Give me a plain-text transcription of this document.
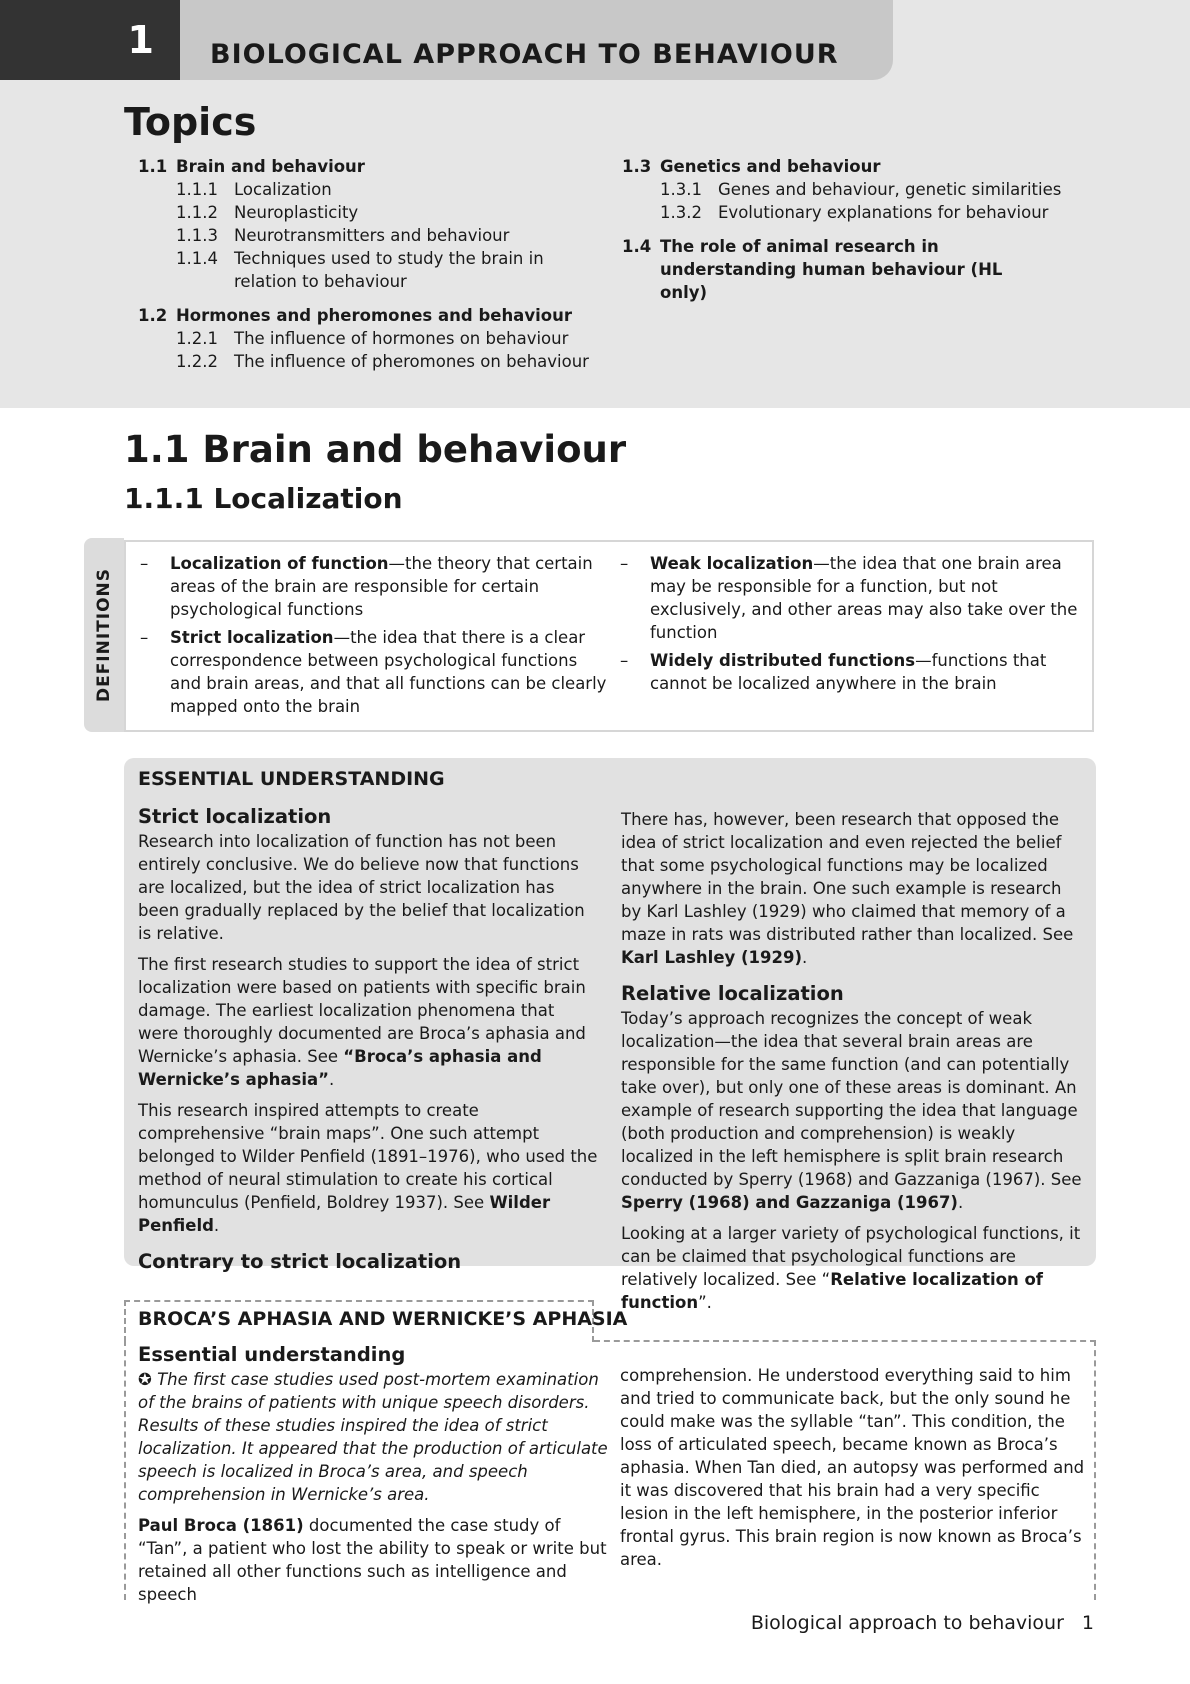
1	BIOLOGICAL APPROACH TO BEHAVIOUR
Topics
1.1 Brain and behaviour
1.1.1 Localization
1.1.2 Neuroplasticity
1.1.3 Neurotransmitters and behaviour
1.1.4 Techniques used to study the brain in relation to behaviour
1.2 Hormones and pheromones and behaviour
1.2.1 The influence of hormones on behaviour
1.2.2 The influence of pheromones on behaviour
1.3 Genetics and behaviour
1.3.1 Genes and behaviour, genetic similarities
1.3.2 Evolutionary explanations for behaviour
1.4 The role of animal research in understanding human behaviour (HL only)
1.1 Brain and behaviour
1.1.1 Localization
DEFINITIONS
–	Localization of function—the theory that certain areas of the brain are responsible for certain psychological functions
–	Strict localization—the idea that there is a clear correspondence between psychological functions and brain areas, and that all functions can be clearly mapped onto the brain
–	Weak localization—the idea that one brain area may be responsible for a function, but not exclusively, and other areas may also take over the function
–	Widely distributed functions—functions that cannot be localized anywhere in the brain
ESSENTIAL UNDERSTANDING
Strict localization

Research into localization of function has not been entirely conclusive. We do believe now that functions are localized, but the idea of strict localization has been gradually replaced by the belief that localization is relative.

The first research studies to support the idea of strict localization were based on patients with specific brain damage. The earliest localization phenomena that were thoroughly documented are Broca’s aphasia and Wernicke’s aphasia. See “Broca’s aphasia and Wernicke’s aphasia”.

This research inspired attempts to create comprehensive “brain maps”. One such attempt belonged to Wilder Penfield (1891–1976), who used the method of neural stimulation to create his cortical homunculus (Penfield, Boldrey 1937). See Wilder Penfield.

Contrary to strict localization

There has, however, been research that opposed the idea of strict localization and even rejected the belief that some psychological functions may be localized anywhere in the brain. One such example is research by Karl Lashley (1929) who claimed that memory of a maze in rats was distributed rather than localized. See Karl Lashley (1929).

Relative localization

Today’s approach recognizes the concept of weak localization—the idea that several brain areas are responsible for the same function (and can potentially take over), but only one of these areas is dominant. An example of research supporting the idea that language (both production and comprehension) is weakly localized in the left hemisphere is split brain research conducted by Sperry (1968) and Gazzaniga (1967). See Sperry (1968) and Gazzaniga (1967).

Looking at a larger variety of psychological functions, it can be claimed that psychological functions are relatively localized. See “Relative localization of function”.

BROCA’S APHASIA AND WERNICKE’S APHASIA
Essential understanding

✪ The first case studies used post-mortem examination of the brains of patients with unique speech disorders. Results of these studies inspired the idea of strict localization. It appeared that the production of articulate speech is localized in Broca’s area, and speech comprehension in Wernicke’s area.

Paul Broca (1861) documented the case study of “Tan”, a patient who lost the ability to speak or write but retained all other functions such as intelligence and speech

comprehension. He understood everything said to him and tried to communicate back, but the only sound he could make was the syllable “tan”. This condition, the loss of articulated speech, became known as Broca’s aphasia. When Tan died, an autopsy was performed and it was discovered that his brain had a very specific lesion in the left hemisphere, in the posterior inferior frontal gyrus. This brain region is now known as Broca’s area.

Biological approach to behaviour 1
